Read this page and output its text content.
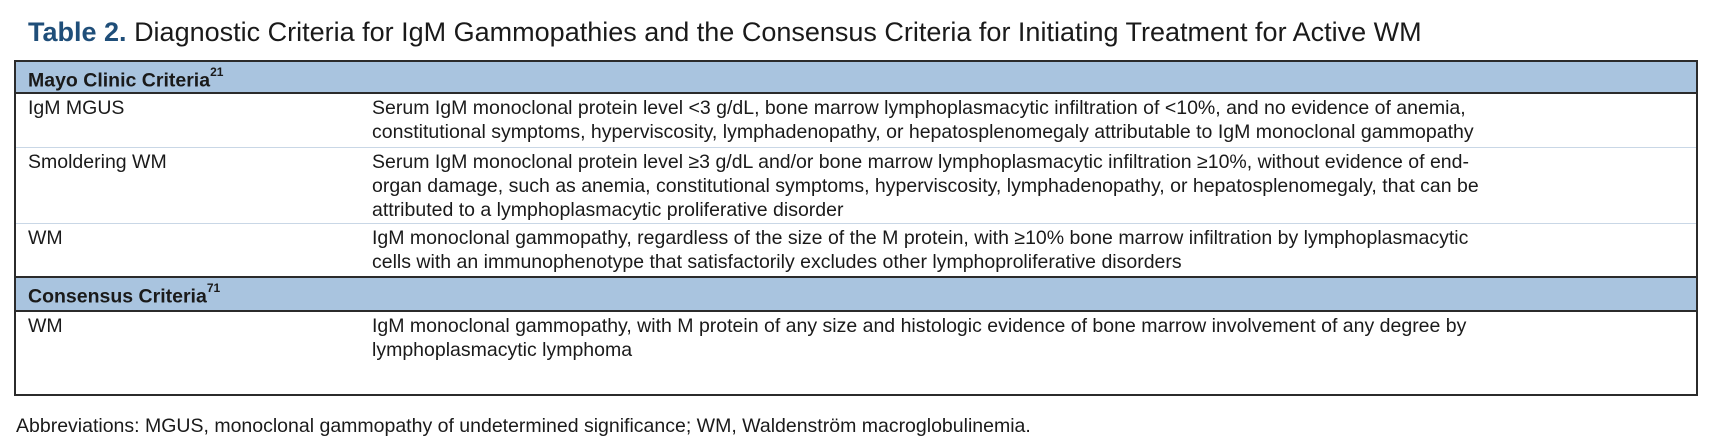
Table 2. Diagnostic Criteria for IgM Gammopathies and the Consensus Criteria for Initiating Treatment for Active WM
Mayo Clinic Criteria$^{21}$
IgM MGUS	Serum IgM monoclonal protein level <3 g/dL, bone marrow lymphoplasmacytic infiltration of <10%, and no evidence of anemia,
constitutional symptoms, hyperviscosity, lymphadenopathy, or hepatosplenomegaly attributable to IgM monoclonal gammopathy
Smoldering WM	Serum IgM monoclonal protein level ≥3 g/dL and/or bone marrow lymphoplasmacytic infiltration ≥10%, without evidence of end-
organ damage, such as anemia, constitutional symptoms, hyperviscosity, lymphadenopathy, or hepatosplenomegaly, that can be
attributed to a lymphoplasmacytic proliferative disorder
WM	IgM monoclonal gammopathy, regardless of the size of the M protein, with ≥10% bone marrow infiltration by lymphoplasmacytic
cells with an immunophenotype that satisfactorily excludes other lymphoproliferative disorders
Consensus Criteria$^{71}$
WM	IgM monoclonal gammopathy, with M protein of any size and histologic evidence of bone marrow involvement of any degree by
lymphoplasmacytic lymphoma
Abbreviations: MGUS, monoclonal gammopathy of undetermined significance; WM, Waldenström macroglobulinemia.
